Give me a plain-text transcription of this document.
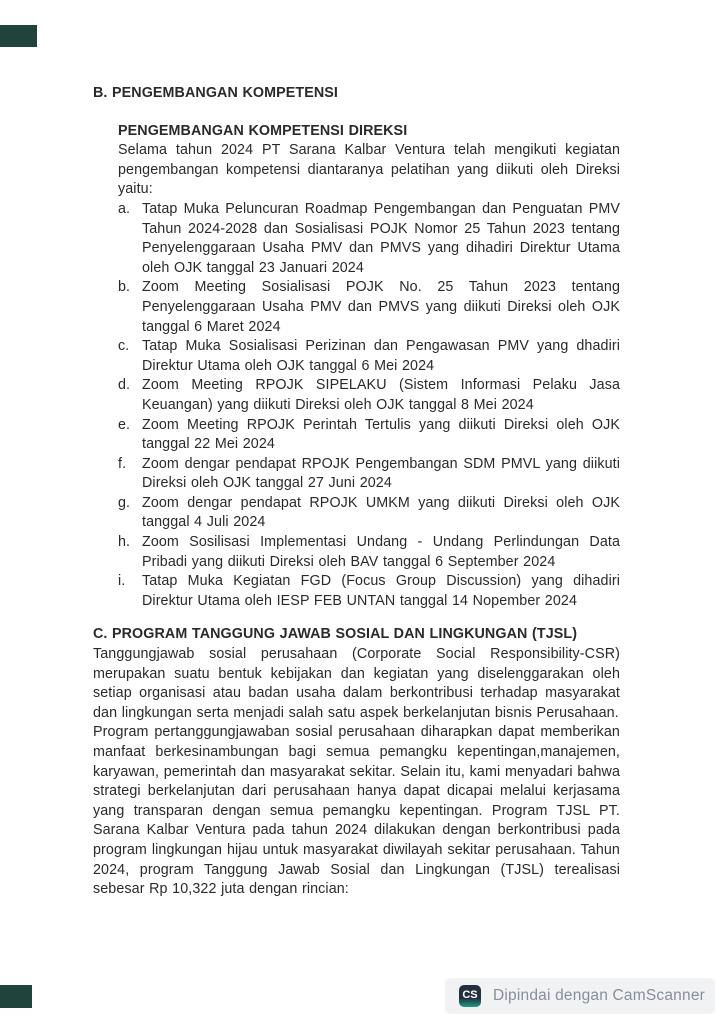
B. PENGEMBANGAN KOMPETENSI
PENGEMBANGAN KOMPETENSI DIREKSI
Selama tahun 2024 PT Sarana Kalbar Ventura telah mengikuti kegiatan pengembangan kompetensi diantaranya pelatihan yang diikuti oleh Direksi yaitu:
a. Tatap Muka Peluncuran Roadmap Pengembangan dan Penguatan PMV Tahun 2024-2028 dan Sosialisasi POJK Nomor 25 Tahun 2023 tentang Penyelenggaraan Usaha PMV dan PMVS yang dihadiri Direktur Utama oleh OJK tanggal 23 Januari 2024
b. Zoom Meeting Sosialisasi POJK No. 25 Tahun 2023 tentang Penyelenggaraan Usaha PMV dan PMVS yang diikuti Direksi oleh OJK tanggal 6 Maret 2024
c. Tatap Muka Sosialisasi Perizinan dan Pengawasan PMV yang dhadiri Direktur Utama oleh OJK tanggal 6 Mei 2024
d. Zoom Meeting RPOJK SIPELAKU (Sistem Informasi Pelaku Jasa Keuangan) yang diikuti Direksi oleh OJK tanggal 8 Mei 2024
e. Zoom Meeting RPOJK Perintah Tertulis yang diikuti Direksi oleh OJK tanggal 22 Mei 2024
f.	Zoom dengar pendapat RPOJK Pengembangan SDM PMVL yang diikuti Direksi oleh OJK tanggal 27 Juni 2024
g. Zoom dengar pendapat RPOJK UMKM yang diikuti Direksi oleh OJK tanggal 4 Juli 2024
h. Zoom Sosilisasi Implementasi Undang - Undang Perlindungan Data Pribadi yang diikuti Direksi oleh BAV tanggal 6 September 2024
i.	Tatap Muka Kegiatan FGD (Focus Group Discussion) yang dihadiri Direktur Utama oleh IESP FEB UNTAN tanggal 14 Nopember 2024
C. PROGRAM TANGGUNG JAWAB SOSIAL DAN LINGKUNGAN (TJSL)

Tanggungjawab sosial perusahaan (Corporate Social Responsibility-CSR) merupakan suatu bentuk kebijakan dan kegiatan yang diselenggarakan oleh setiap organisasi atau badan usaha dalam berkontribusi terhadap masyarakat dan lingkungan serta menjadi salah satu aspek berkelanjutan bisnis Perusahaan.

Program pertanggungjawaban sosial perusahaan diharapkan dapat memberikan manfaat berkesinambungan bagi semua pemangku kepentingan,manajemen, karyawan, pemerintah dan masyarakat sekitar. Selain itu, kami menyadari bahwa strategi berkelanjutan dari perusahaan hanya dapat dicapai melalui kerjasama yang transparan dengan semua pemangku kepentingan. Program TJSL PT. Sarana Kalbar Ventura pada tahun 2024 dilakukan dengan berkontribusi pada program lingkungan hijau untuk masyarakat diwilayah sekitar perusahaan. Tahun 2024, program Tanggung Jawab Sosial dan Lingkungan (TJSL) terealisasi sebesar Rp 10,322 juta dengan rincian:

CS Dipindai dengan CamScanner
